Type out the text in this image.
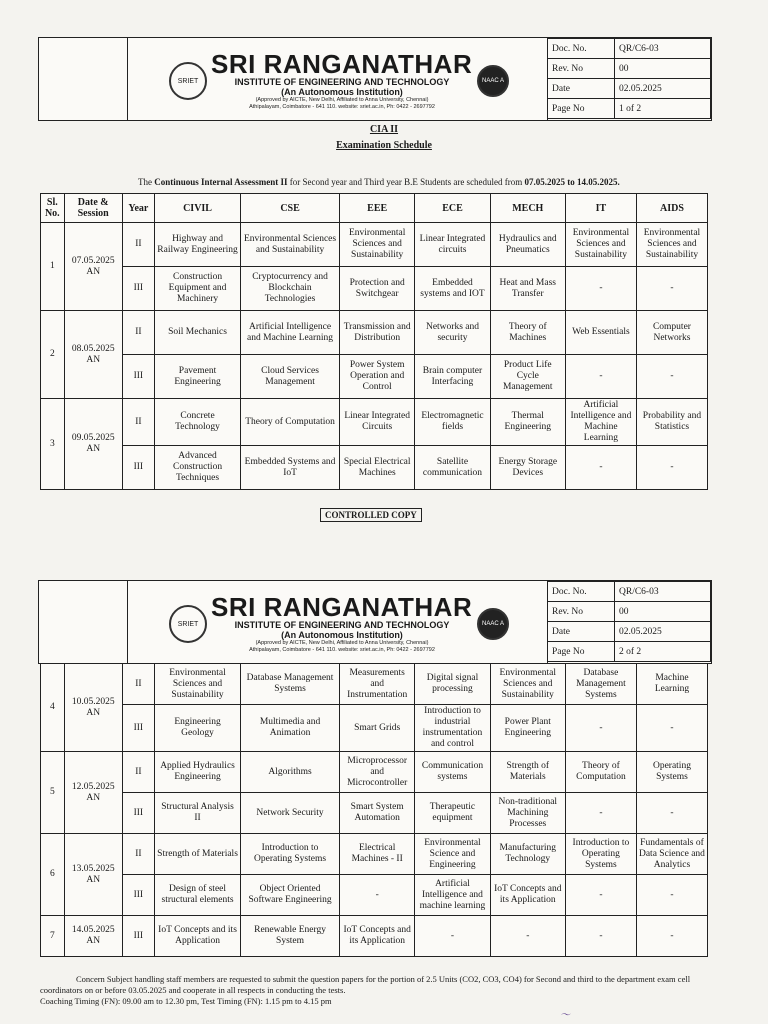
SRIET
SRI RANGANATHAR
INSTITUTE OF ENGINEERING AND TECHNOLOGY
(An Autonomous Institution)
(Approved by AICTE, New Delhi, Affiliated to Anna University, Chennai)
Athipalayam, Coimbatore - 641 110. website: sriet.ac.in, Ph: 0422 - 2697792
NAAC A
Doc. No.	QR/C6-03
Rev. No	00
Date	02.05.2025
Page No	1 of 2
CIA II
Examination Schedule
The Continuous Internal Assessment II for Second year and Third year B.E Students are scheduled from 07.05.2025 to 14.05.2025.
Sl. No.	Date & Session	Year	CIVIL	CSE	EEE	ECE	MECH	IT	AIDS
1	07.05.2025 AN	II	Highway and Railway Engineering	Environmental Sciences and Sustainability	Environmental Sciences and Sustainability	Linear Integrated circuits	Hydraulics and Pneumatics	Environmental Sciences and Sustainability	Environmental Sciences and Sustainability
		III	Construction Equipment and Machinery	Cryptocurrency and Blockchain Technologies	Protection and Switchgear	Embedded systems and IOT	Heat and Mass Transfer	-	-
2	08.05.2025 AN	II	Soil Mechanics	Artificial Intelligence and Machine Learning	Transmission and Distribution	Networks and security	Theory of Machines	Web Essentials	Computer Networks
		III	Pavement Engineering	Cloud Services Management	Power System Operation and Control	Brain computer Interfacing	Product Life Cycle Management	-	-
3	09.05.2025 AN	II	Concrete Technology	Theory of Computation	Linear Integrated Circuits	Electromagnetic fields	Thermal Engineering	Artificial Intelligence and Machine Learning	Probability and Statistics
		III	Advanced Construction Techniques	Embedded Systems and IoT	Special Electrical Machines	Satellite communication	Energy Storage Devices	-	-
CONTROLLED COPY
SRIET
SRI RANGANATHAR
INSTITUTE OF ENGINEERING AND TECHNOLOGY
(An Autonomous Institution)
(Approved by AICTE, New Delhi, Affiliated to Anna University, Chennai)
Athipalayam, Coimbatore - 641 110. website: sriet.ac.in, Ph: 0422 - 2697792
NAAC A
Doc. No.	QR/C6-03
Rev. No	00
Date	02.05.2025
Page No	2 of 2
4	10.05.2025 AN	II	Environmental Sciences and Sustainability	Database Management Systems	Measurements and Instrumentation	Digital signal processing	Environmental Sciences and Sustainability	Database Management Systems	Machine Learning
		III	Engineering Geology	Multimedia and Animation	Smart Grids	Introduction to industrial instrumentation and control	Power Plant Engineering	-	-
5	12.05.2025 AN	II	Applied Hydraulics Engineering	Algorithms	Microprocessor and Microcontroller	Communication systems	Strength of Materials	Theory of Computation	Operating Systems
		III	Structural Analysis II	Network Security	Smart System Automation	Therapeutic equipment	Non-traditional Machining Processes	-	-
6	13.05.2025 AN	II	Strength of Materials	Introduction to Operating Systems	Electrical Machines - II	Environmental Science and Engineering	Manufacturing Technology	Introduction to Operating Systems	Fundamentals of Data Science and Analytics
		III	Design of steel structural elements	Object Oriented Software Engineering	-	Artificial Intelligence and machine learning	IoT Concepts and its Application	-	-
7	14.05.2025 AN	III	IoT Concepts and its Application	Renewable Energy System	IoT Concepts and its Application	-	-	-	-
Concern Subject handling staff members are requested to submit the question papers for the portion of 2.5 Units (CO2, CO3, CO4) for Second and third to the department exam cell coordinators on or before 03.05.2025 and cooperate in all respects in conducting the tests.
Coaching Timing (FN): 09.00 am to 12.30 pm, Test Timing (FN): 1.15 pm to 4.15 pm
〜
